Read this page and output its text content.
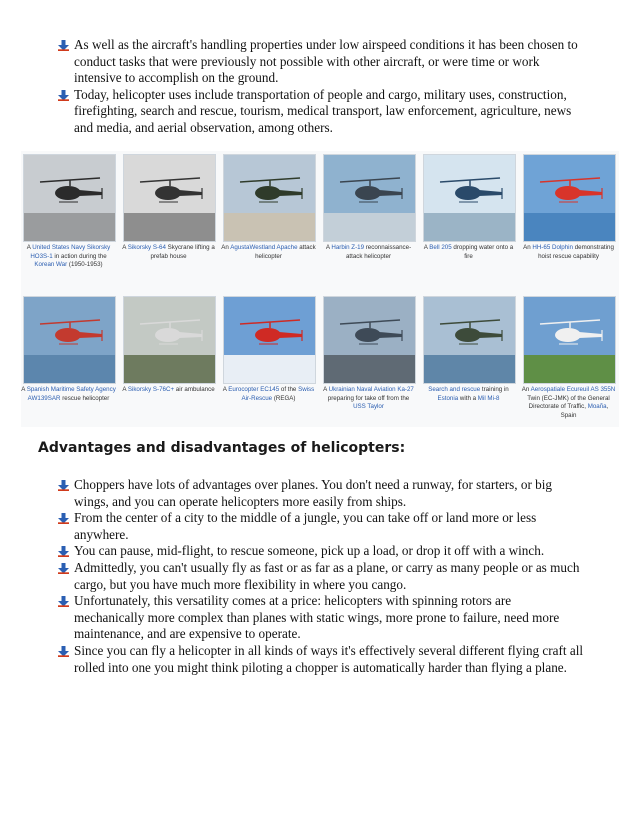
As well as the aircraft's handling properties under low airspeed conditions it has been chosen to conduct tasks that were previously not possible with other aircraft, or were time or work intensive to accomplish on the ground.
Today, helicopter uses include transportation of people and cargo, military uses, construction, firefighting, search and rescue, tourism, medical transport, law enforcement, agriculture, news and media, and aerial observation, among others.
A United States Navy Sikorsky HO3S-1 in action during the Korean War (1950-1953)
A Sikorsky S-64 Skycrane lifting a prefab house
An AgustaWestland Apache attack helicopter
A Harbin Z-19 reconnaissance-attack helicopter
A Bell 205 dropping water onto a fire
An HH-65 Dolphin demonstrating hoist rescue capability
A Spanish Maritime Safety Agency AW139SAR rescue helicopter
A Sikorsky S-76C+ air ambulance A Eurocopter EC145 of the Swiss Air-Rescue (REGA)
A Ukrainian Naval Aviation Ka-27 preparing for take off from the USS Taylor
Search and rescue training in Estonia with a Mil Mi-8
An Aerospatiale Ecureuil AS 355N Twin (EC-JMK) of the General Directorate of Traffic, Moaña, Spain
Advantages and disadvantages of helicopters:
Choppers have lots of advantages over planes. You don't need a runway, for starters, or big wings, and you can operate helicopters more easily from ships.
From the center of a city to the middle of a jungle, you can take off or land more or less anywhere.
You can pause, mid-flight, to rescue someone, pick up a load, or drop it off with a winch.
Admittedly, you can't usually fly as fast or as far as a plane, or carry as many people or as much cargo, but you have much more flexibility in where you cango.
Unfortunately, this versatility comes at a price: helicopters with spinning rotors are mechanically more complex than planes with static wings, more prone to failure, need more maintenance, and are expensive to operate.
Since you can fly a helicopter in all kinds of ways it's effectively several different flying craft all rolled into one you might think piloting a chopper is automatically harder than flying a plane.
